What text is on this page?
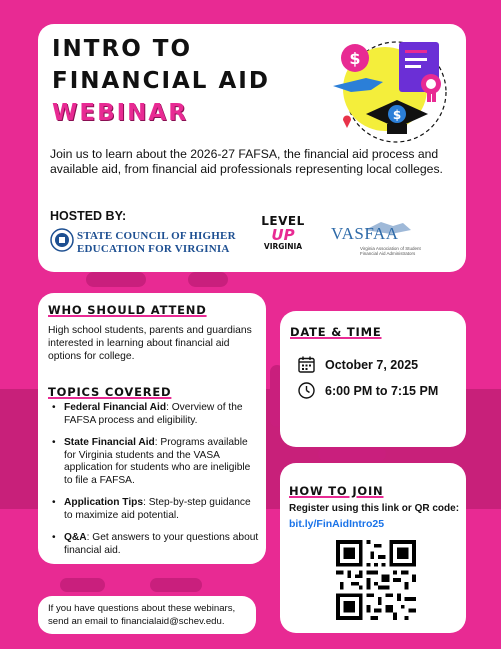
INTRO TO
FINANCIAL AID
WEBINAR
$
$
Join us to learn about the 2026-27 FAFSA, the financial aid process and available aid, from financial aid professionals representing local colleges.
HOSTED BY:
STATE COUNCIL OF HIGHER
EDUCATION FOR VIRGINIA
LEVEL
UP
VIRGINIA
VASFAA
Virginia Association of Student Financial Aid Administrators
WHO SHOULD ATTEND
High school students, parents and guardians interested in learning about financial aid options for college.
TOPICS COVERED
• Federal Financial Aid: Overview of the FAFSA process and eligibility.
• State Financial Aid: Programs available for Virginia students and the VASA application for students who are ineligible to file a FAFSA.
• Application Tips: Step-by-step guidance to maximize aid potential.
• Q&A: Get answers to your questions about financial aid.
DATE & TIME
October 7, 2025
6:00 PM to 7:15 PM
HOW TO JOIN
Register using this link or QR code:
bit.ly/FinAidIntro25
If you have questions about these webinars, send an email to financialaid@schev.edu.
